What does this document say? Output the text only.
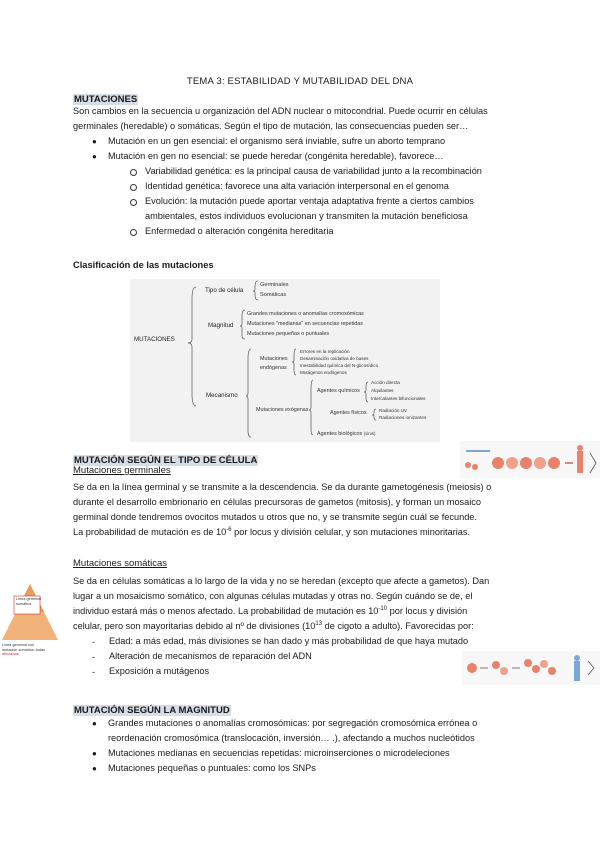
TEMA 3: ESTABILIDAD Y MUTABILIDAD DEL DNA
MUTACIONES
Son cambios en la secuencia u organización del ADN nuclear o mitocondrial. Puede ocurrir en células
germinales (heredable) o somáticas. Según el tipo de mutación, las consecuencias pueden ser…
● Mutación en un gen esencial: el organismo será inviable, sufre un aborto temprano
● Mutación en gen no esencial: se puede heredar (congénita heredable), favorece…
Variabilidad genética: es la principal causa de variabilidad junto a la recombinación
Identidad genética: favorece una alta variación interpersonal en el genoma
Evolución: la mutación puede aportar ventaja adaptativa frente a ciertos cambios
ambientales, estos individuos evolucionan y transmiten la mutación beneficiosa
Enfermedad o alteración congénita hereditaria
Clasificación de las mutaciones
MUTACIONES
Tipo de célula
Germinales
Somáticas
Magnitud
Grandes mutaciones o anomalías cromosómicas
Mutaciones "medianas" en secuencias repetidas
Mutaciones pequeñas o puntuales
Mecanismo
Mutaciones
endógenas
Errores en la replicación
Desaminación oxidativa de bases
Inestabilidad química del N-glicosídico
Mutágenos endógenos
Mutaciones exógenas
Agentes químicos
Acción directa
Alquilantes
Intercalantes bifuncionales
Agentes físicos	Radiación UV
Radiaciones ionizantes
Agentes biológicos (virus)
MUTACIÓN SEGÚN EL TIPO DE CÉLULA
Mutaciones germinales
Se da en la línea germinal y se transmite a la descendencia. Se da durante gametogénesis (meiosis) o
durante el desarrollo embrionario en células precursoras de gametos (mitosis), y forman un mosaico
germinal donde tendremos ovocitos mutados u otros que no, y se transmite según cuál se fecunde.
La probabilidad de mutación es de $10^{-6}$ por locus y división celular, y son mutaciones minoritarias.
Línea germinal
somática
Linea germinal con
mutación somática: todas
afectadas
Mutaciones somáticas
Se da en células somáticas a lo largo de la vida y no se heredan (excepto que afecte a gametos). Dan
lugar a un mosaicismo somático, con algunas células mutadas y otras no. Según cuándo se de, el
individuo estará más o menos afectado. La probabilidad de mutación es $10^{-10}$ por locus y división
celular, pero son mayoritarias debido al nº de divisiones ($10^{13}$ de cigoto a adulto). Favorecidas por:
- Edad: a más edad, más divisiones se han dado y más probabilidad de que haya mutado
- Alteración de mecanismos de reparación del ADN
- Exposición a mutágenos
MUTACIÓN SEGÚN LA MAGNITUD
● Grandes mutaciones o anomalías cromosómicas: por segregación cromosómica errónea o
reordenación cromosómica (translocación, inversión… .), afectando a muchos nucleótidos
● Mutaciones medianas en secuencias repetidas: microinserciones o microdeleciones
● Mutaciones pequeñas o puntuales: como los SNPs
